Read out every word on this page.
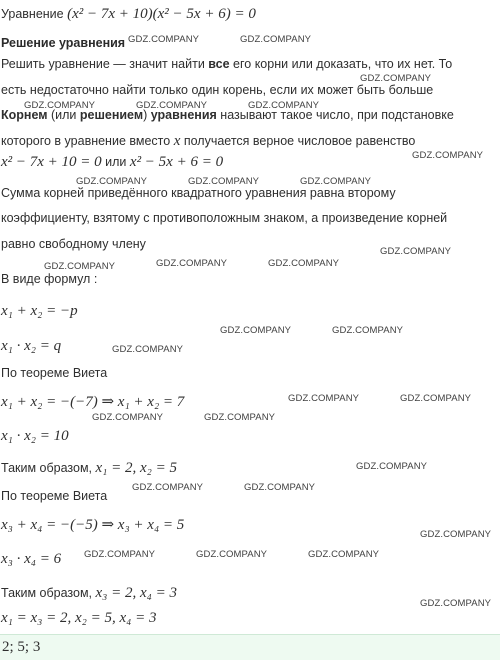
Уравнение (x² − 7x + 10)(x² − 5x + 6) = 0
Решение уравнения
Решить уравнение — значит найти все его корни или доказать, что их нет. То
есть недостаточно найти только один корень, если их может быть больше
Корнем (или решением) уравнения называют такое число, при подстановке
которого в уравнение вместо x получается верное числовое равенство
x² − 7x + 10 = 0 или x² − 5x + 6 = 0
Сумма корней приведённого квадратного уравнения равна второму
коэффициенту, взятому с противоположным знаком, а произведение корней
равно свободному члену
В виде формул :
x₁ + x₂ = −p
x₁ · x₂ = q
По теореме Виета
x₁ + x₂ = −(−7) ⇒ x₁ + x₂ = 7
x₁ · x₂ = 10
Таким образом, x₁ = 2, x₂ = 5
По теореме Виета
x₃ + x₄ = −(−5) ⇒ x₃ + x₄ = 5
x₃ · x₄ = 6
Таким образом, x₃ = 2, x₄ = 3
x₁ = x₃ = 2, x₂ = 5, x₄ = 3
2; 5; 3
GDZ.COMPANY	GDZ.COMPANY
GDZ.COMPANY
GDZ.COMPANY	GDZ.COMPANY	GDZ.COMPANY
GDZ.COMPANY
GDZ.COMPANY	GDZ.COMPANY	GDZ.COMPANY
GDZ.COMPANY
GDZ.COMPANY	GDZ.COMPANY	GDZ.COMPANY
GDZ.COMPANY	GDZ.COMPANY
GDZ.COMPANY
GDZ.COMPANY	GDZ.COMPANY
GDZ.COMPANY	GDZ.COMPANY
GDZ.COMPANY
GDZ.COMPANY	GDZ.COMPANY
GDZ.COMPANY
GDZ.COMPANY	GDZ.COMPANY	GDZ.COMPANY
GDZ.COMPANY
